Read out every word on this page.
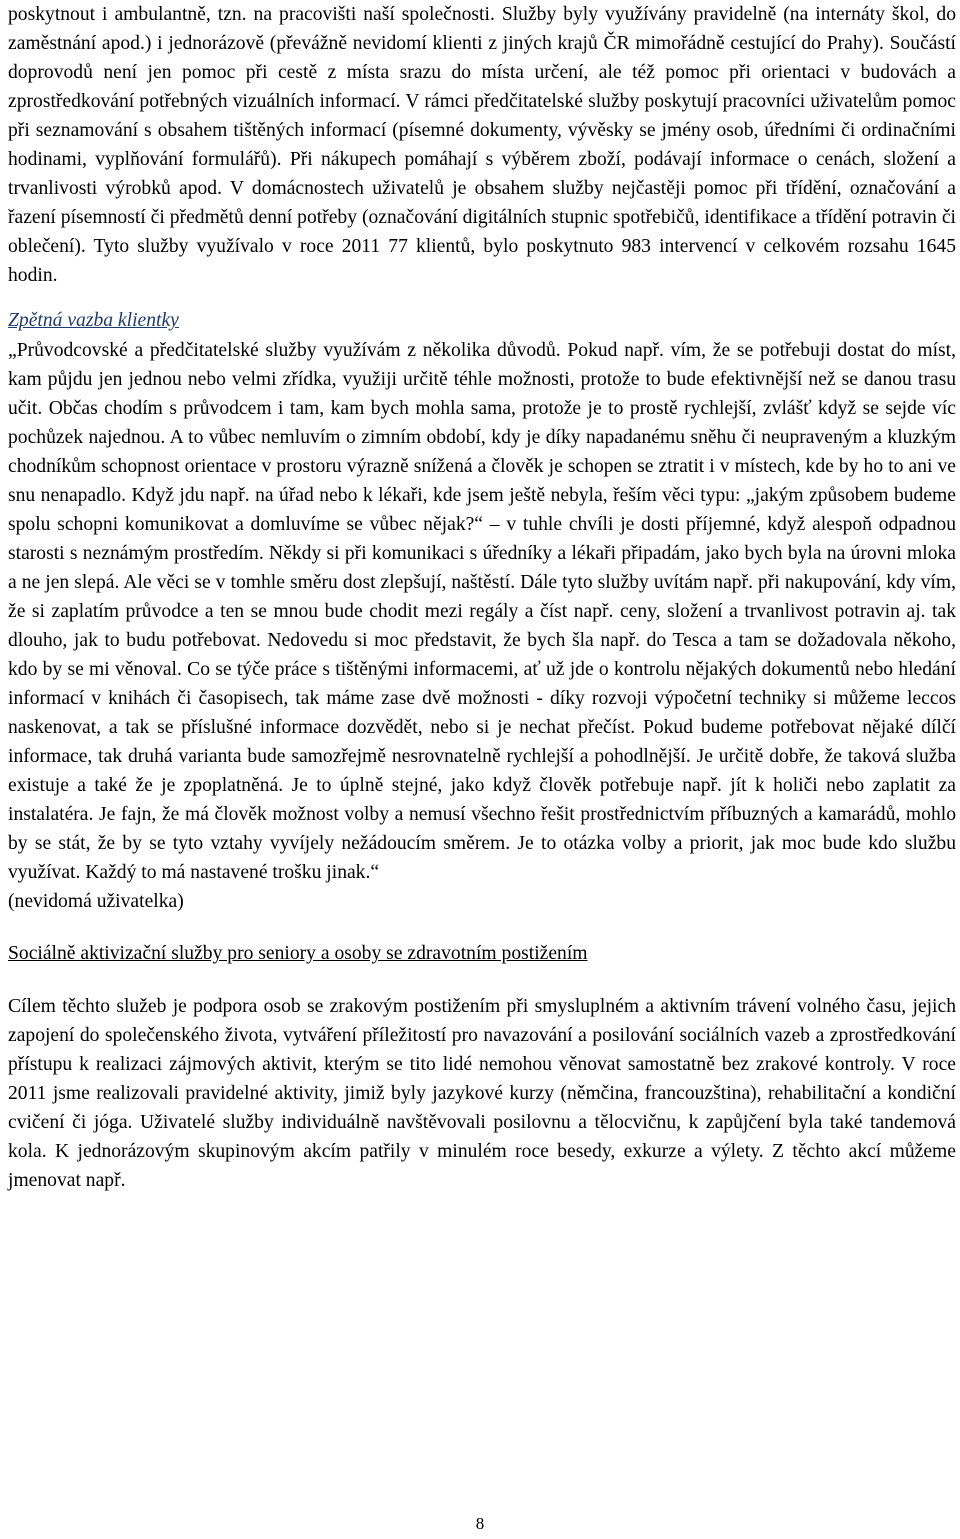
poskytnout i ambulantně, tzn. na pracovišti naší společnosti. Služby byly využívány pravidelně (na internáty škol, do zaměstnání apod.) i jednorázově (převážně nevidomí klienti z jiných krajů ČR mimořádně cestující do Prahy). Součástí doprovodů není jen pomoc při cestě z místa srazu do místa určení, ale též pomoc při orientaci v budovách a zprostředkování potřebných vizuálních informací. V rámci předčitatelské služby poskytují pracovníci uživatelům pomoc při seznamování s obsahem tištěných informací (písemné dokumenty, vývěsky se jmény osob, úředními či ordinačními hodinami, vyplňování formulářů). Při nákupech pomáhají s výběrem zboží, podávají informace o cenách, složení a trvanlivosti výrobků apod. V domácnostech uživatelů je obsahem služby nejčastěji pomoc při třídění, označování a řazení písemností či předmětů denní potřeby (označování digitálních stupnic spotřebičů, identifikace a třídění potravin či oblečení). Tyto služby využívalo v roce 2011 77 klientů, bylo poskytnuto 983 intervencí v celkovém rozsahu 1645 hodin.

Zpětná vazba klientky

„Průvodcovské a předčitatelské služby využívám z několika důvodů. Pokud např. vím, že se potřebuji dostat do míst, kam půjdu jen jednou nebo velmi zřídka, využiji určitě téhle možnosti, protože to bude efektivnější než se danou trasu učit. Občas chodím s průvodcem i tam, kam bych mohla sama, protože je to prostě rychlejší, zvlášť když se sejde víc pochůzek najednou. A to vůbec nemluvím o zimním období, kdy je díky napadanému sněhu či neupraveným a kluzkým chodníkům schopnost orientace v prostoru výrazně snížená a člověk je schopen se ztratit i v místech, kde by ho to ani ve snu nenapadlo. Když jdu např. na úřad nebo k lékaři, kde jsem ještě nebyla, řeším věci typu: „jakým způsobem budeme spolu schopni komunikovat a domluvíme se vůbec nějak?“ – v tuhle chvíli je dosti příjemné, když alespoň odpadnou starosti s neznámým prostředím. Někdy si při komunikaci s úředníky a lékaři připadám, jako bych byla na úrovni mloka a ne jen slepá. Ale věci se v tomhle směru dost zlepšují, naštěstí. Dále tyto služby uvítám např. při nakupování, kdy vím, že si zaplatím průvodce a ten se mnou bude chodit mezi regály a číst např. ceny, složení a trvanlivost potravin aj. tak dlouho, jak to budu potřebovat. Nedovedu si moc představit, že bych šla např. do Tesca a tam se dožadovala někoho, kdo by se mi věnoval. Co se týče práce s tištěnými informacemi, ať už jde o kontrolu nějakých dokumentů nebo hledání informací v knihách či časopisech, tak máme zase dvě možnosti - díky rozvoji výpočetní techniky si můžeme leccos naskenovat, a tak se příslušné informace dozvědět, nebo si je nechat přečíst. Pokud budeme potřebovat nějaké dílčí informace, tak druhá varianta bude samozřejmě nesrovnatelně rychlejší a pohodlnější. Je určitě dobře, že taková služba existuje a také že je zpoplatněná. Je to úplně stejné, jako když člověk potřebuje např. jít k holiči nebo zaplatit za instalatéra. Je fajn, že má člověk možnost volby a nemusí všechno řešit prostřednictvím příbuzných a kamarádů, mohlo by se stát, že by se tyto vztahy vyvíjely nežádoucím směrem. Je to otázka volby a priorit, jak moc bude kdo službu využívat. Každý to má nastavené trošku jinak.“

(nevidomá uživatelka)

Sociálně aktivizační služby pro seniory a osoby se zdravotním postižením

Cílem těchto služeb je podpora osob se zrakovým postižením při smysluplném a aktivním trávení volného času, jejich zapojení do společenského života, vytváření příležitostí pro navazování a posilování sociálních vazeb a zprostředkování přístupu k realizaci zájmových aktivit, kterým se tito lidé nemohou věnovat samostatně bez zrakové kontroly. V roce 2011 jsme realizovali pravidelné aktivity, jimiž byly jazykové kurzy (němčina, francouzština), rehabilitační a kondiční cvičení či jóga. Uživatelé služby individuálně navštěvovali posilovnu a tělocvičnu, k zapůjčení byla také tandemová kola. K jednorázovým skupinovým akcím patřily v minulém roce besedy, exkurze a výlety. Z těchto akcí můžeme jmenovat např.

8
